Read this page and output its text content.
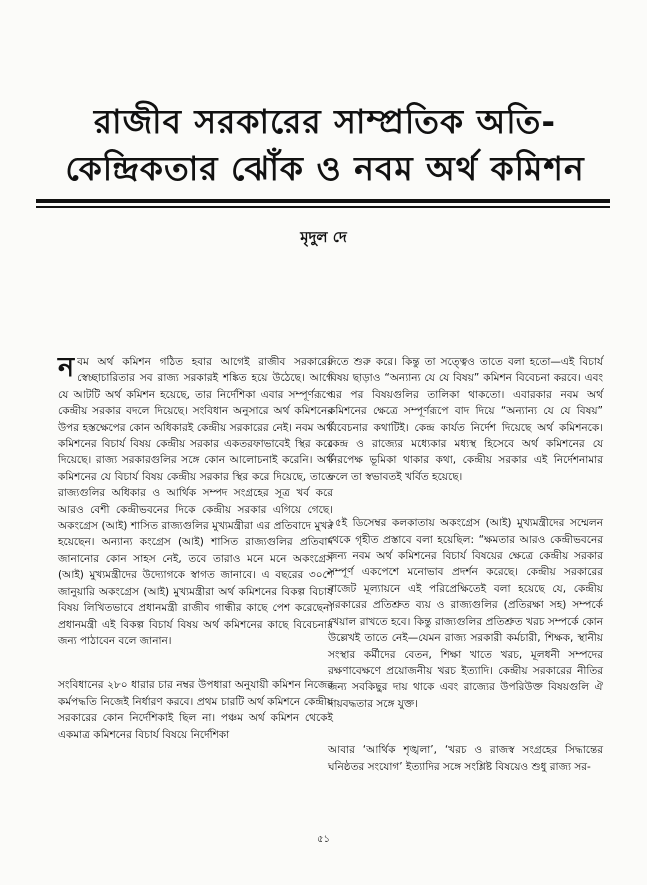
রাজীব সরকারের সাম্প্রতিক অতি-
কেন্দ্রিকতার ঝোঁক ও নবম অর্থ কমিশন
মৃদুল দে

নবম অর্থ কমিশন গঠিত হবার আগেই রাজীব সরকারের স্বেচ্ছাচারিতার সব রাজ্য সরকারই শঙ্কিত হয়ে উঠেছে। আগে যে আটটি অর্থ কমিশন হয়েছে, তার নির্দেশিকা এবার সম্পূর্ণরূপে কেন্দ্রীয় সরকার বদলে দিয়েছে। সংবিধান অনুসারে অর্থ কমিশনের উপর হস্তক্ষেপের কোন অধিকারই কেন্দ্রীয় সরকারের নেই। নবম অর্থ কমিশনের বিচার্য বিষয় কেন্দ্রীয় সরকার একতরফাভাবেই স্থির করে দিয়েছে। রাজ্য সরকারগুলির সঙ্গে কোন আলোচনাই করেনি। অর্থ কমিশনের যে বিচার্য বিষয় কেন্দ্রীয় সরকার স্থির করে দিয়েছে, তাতে রাজ্যগুলির অধিকার ও আর্থিক সম্পদ সংগ্রহের সূত্র খর্ব করে আরও বেশী কেন্দ্রীভবনের দিকে কেন্দ্রীয় সরকার এগিয়ে গেছে। অকংগ্রেস (আই) শাসিত রাজ্যগুলির মুখ্যমন্ত্রীরা এর প্রতিবাদে মুখর হয়েছেন। অন্যান্য কংগ্রেস (আই) শাসিত রাজ্যগুলির প্রতিবাদ জানানোর কোন সাহস নেই, তবে তারাও মনে মনে অকংগ্রেস (আই) মুখ্যমন্ত্রীদের উদ্যোগকে স্বাগত জানাবে। এ বছরের ৩০শে জানুয়ারি অকংগ্রেস (আই) মুখ্যমন্ত্রীরা অর্থ কমিশনের বিকল্প বিচার্য বিষয় লিখিতভাবে প্রধানমন্ত্রী রাজীব গান্ধীর কাছে পেশ করেছেন। প্রধানমন্ত্রী এই বিকল্প বিচার্য বিষয় অর্থ কমিশনের কাছে বিবেচনার জন্য পাঠাবেন বলে জানান।

সংবিধানের ২৮০ ধারার চার নম্বর উপধারা অনুযায়ী কমিশন নিজের কর্মপদ্ধতি নিজেই নির্ধারণ করবে। প্রথম চারটি অর্থ কমিশনে কেন্দ্রীয় সরকারের কোন নির্দেশিকাই ছিল না। পঞ্চম অর্থ কমিশন থেকেই একমাত্র কমিশনের বিচার্য বিষয়ে নির্দেশিকা

দিতে শুরু করে। কিন্তু তা সত্ত্বেও তাতে বলা হতো—এই বিচার্য বিষয় ছাড়াও “অন্যান্য যে যে বিষয়” কমিশন বিবেচনা করবে। এবং এর পর বিষয়গুলির তালিকা থাকতো। এবারকার নবম অর্থ কমিশনের ক্ষেত্রে সম্পূর্ণরূপে বাদ দিয়ে “অন্যান্য যে যে বিষয়” বিবেচনার কথাটিই। কেন্দ্র কার্যত নির্দেশ দিয়েছে অর্থ কমিশনকে। কেন্দ্র ও রাজ্যের মধ্যেকার মধ্যস্থ হিসেবে অর্থ কমিশনের যে নিরপেক্ষ ভূমিকা থাকার কথা, কেন্দ্রীয় সরকার এই নির্দেশনামার ফলে তা স্বভাবতই খর্বিত হয়েছে।

১৫ই ডিসেম্বর কলকাতায় অকংগ্রেস (আই) মুখ্যমন্ত্রীদের সম্মেলন থেকে গৃহীত প্রস্তাবে বলা হয়েছিল: “ক্ষমতার আরও কেন্দ্রীভবনের জন্য নবম অর্থ কমিশনের বিচার্য বিষয়ের ক্ষেত্রে কেন্দ্রীয় সরকার সম্পূর্ণ একপেশে মনোভাব প্রদর্শন করেছে। কেন্দ্রীয় সরকারের বাজেট মূল্যায়নে এই পরিপ্রেক্ষিতেই বলা হয়েছে যে, কেন্দ্রীয় সরকারের প্রতিশ্রুত ব্যয় ও রাজ্যগুলির (প্রতিরক্ষা সহ) সম্পর্কে খেয়াল রাখতে হবে। কিন্তু রাজ্যগুলির প্রতিশ্রুত খরচ সম্পর্কে কোন উল্লেখই তাতে নেই—যেমন রাজ্য সরকারী কর্মচারী, শিক্ষক, স্থানীয় সংস্থার কর্মীদের বেতন, শিক্ষা খাতে খরচ, মূলধনী সম্পদের রক্ষণাবেক্ষণে প্রয়োজনীয় খরচ ইত্যাদি। কেন্দ্রীয় সরকারের নীতির জন্য সবকিছুর দায় থাকে এবং রাজ্যের উপরিউক্ত বিষয়গুলি ঐ দায়বদ্ধতার সঙ্গে যুক্ত।

আবার ‘আর্থিক শৃঙ্খলা’, ‘খরচ ও রাজস্ব সংগ্রহের সিদ্ধান্তের ঘনিষ্ঠতর সংযোগ’ ইত্যাদির সঙ্গে সংশ্লিষ্ট বিষয়েও শুধু রাজ্য সর-

৫১
